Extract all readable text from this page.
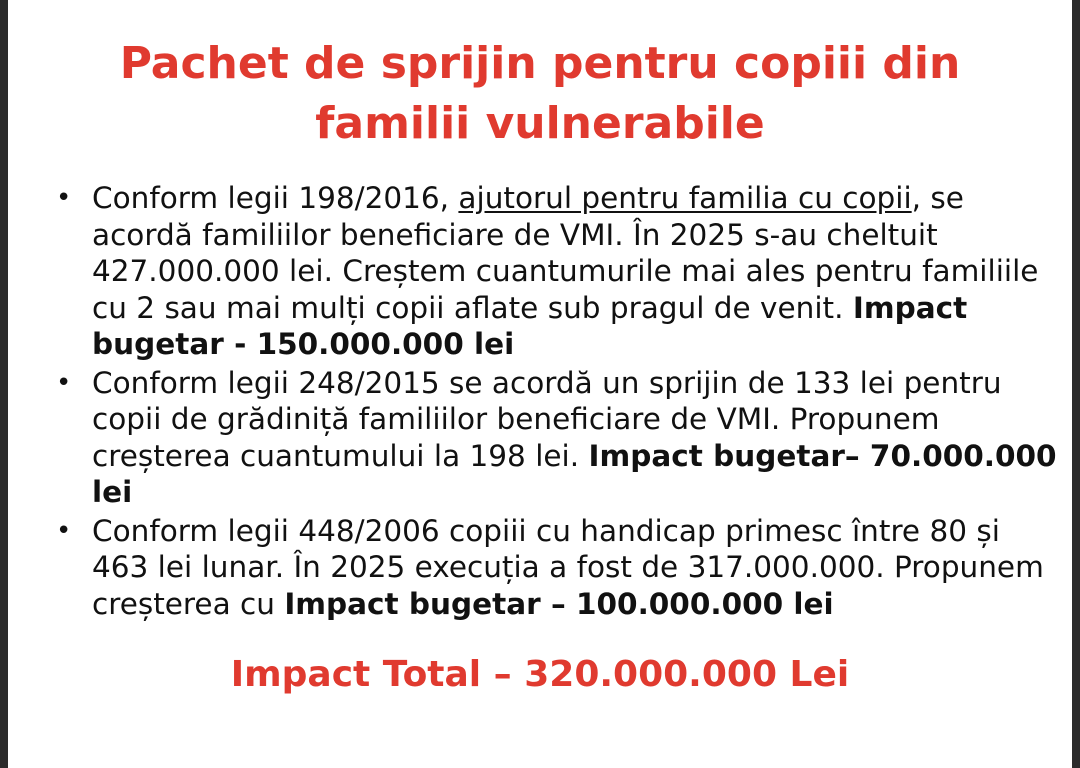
Pachet de sprijin pentru copiii din
familii vulnerabile
• Conform legii 198/2016, ajutorul pentru familia cu copii, se acordă familiilor beneficiare de VMI. În 2025 s-au cheltuit 427.000.000 lei. Creștem cuantumurile mai ales pentru familiile cu 2 sau mai mulți copii aflate sub pragul de venit. Impact bugetar - 150.000.000 lei
• Conform legii 248/2015 se acordă un sprijin de 133 lei pentru copii de grădiniță familiilor beneficiare de VMI. Propunem creșterea cuantumului la 198 lei. Impact bugetar– 70.000.000 lei
• Conform legii 448/2006 copiii cu handicap primesc între 80 și 463 lei lunar. În 2025 execuția a fost de 317.000.000. Propunem creșterea cu Impact bugetar – 100.000.000 lei
Impact Total – 320.000.000 Lei
